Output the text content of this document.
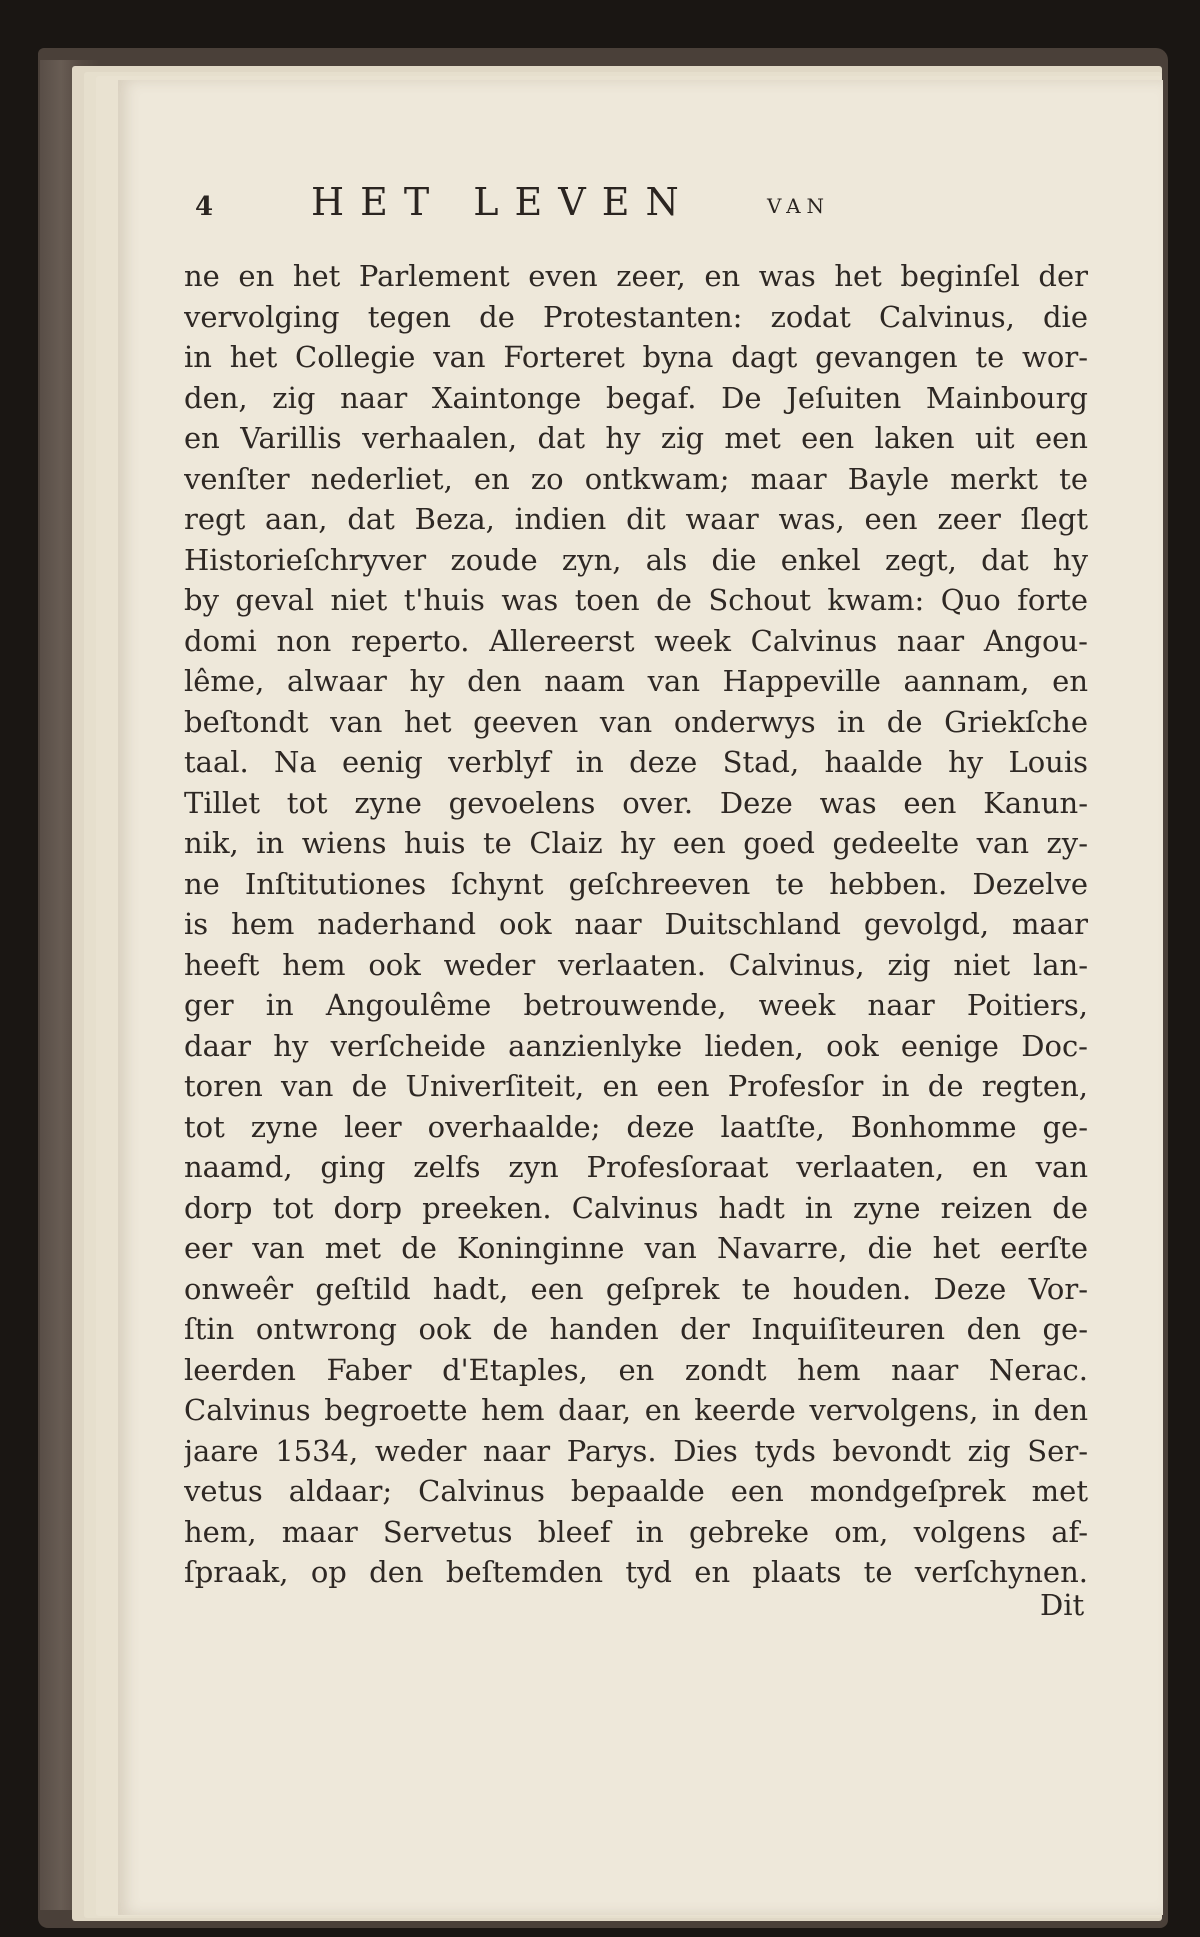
4	HET LEVEN	VAN
ne en het Parlement even zeer, en was het beginſel der
vervolging tegen de Protestanten: zodat Calvinus, die
in het Collegie van Forteret byna dagt gevangen te wor-
den, zig naar Xaintonge begaf. De Jeſuiten Mainbourg
en Varillis verhaalen, dat hy zig met een laken uit een
venſter nederliet, en zo ontkwam; maar Bayle merkt te
regt aan, dat Beza, indien dit waar was, een zeer ſlegt
Historieſchryver zoude zyn, als die enkel zegt, dat hy
by geval niet t'huis was toen de Schout kwam: Quo forte
domi non reperto. Allereerst week Calvinus naar Angou-
lême, alwaar hy den naam van Happeville aannam, en
beſtondt van het geeven van onderwys in de Griekſche
taal. Na eenig verblyf in deze Stad, haalde hy Louis
Tillet tot zyne gevoelens over. Deze was een Kanun-
nik, in wiens huis te Claiz hy een goed gedeelte van zy-
ne Inſtitutiones ſchynt geſchreeven te hebben. Dezelve
is hem naderhand ook naar Duitschland gevolgd, maar
heeft hem ook weder verlaaten. Calvinus, zig niet lan-
ger in Angoulême betrouwende, week naar Poitiers,
daar hy verſcheide aanzienlyke lieden, ook eenige Doc-
toren van de Univerſiteit, en een Profesſor in de regten,
tot zyne leer overhaalde; deze laatſte, Bonhomme ge-
naamd, ging zelfs zyn Profesſoraat verlaaten, en van
dorp tot dorp preeken. Calvinus hadt in zyne reizen de
eer van met de Koninginne van Navarre, die het eerſte
onweêr geſtild hadt, een geſprek te houden. Deze Vor-
ſtin ontwrong ook de handen der Inquiſiteuren den ge-
leerden Faber d'Etaples, en zondt hem naar Nerac.
Calvinus begroette hem daar, en keerde vervolgens, in den
jaare 1534, weder naar Parys. Dies tyds bevondt zig Ser-
vetus aldaar; Calvinus bepaalde een mondgeſprek met
hem, maar Servetus bleef in gebreke om, volgens af-
ſpraak, op den beſtemden tyd en plaats te verſchynen.
Dit
